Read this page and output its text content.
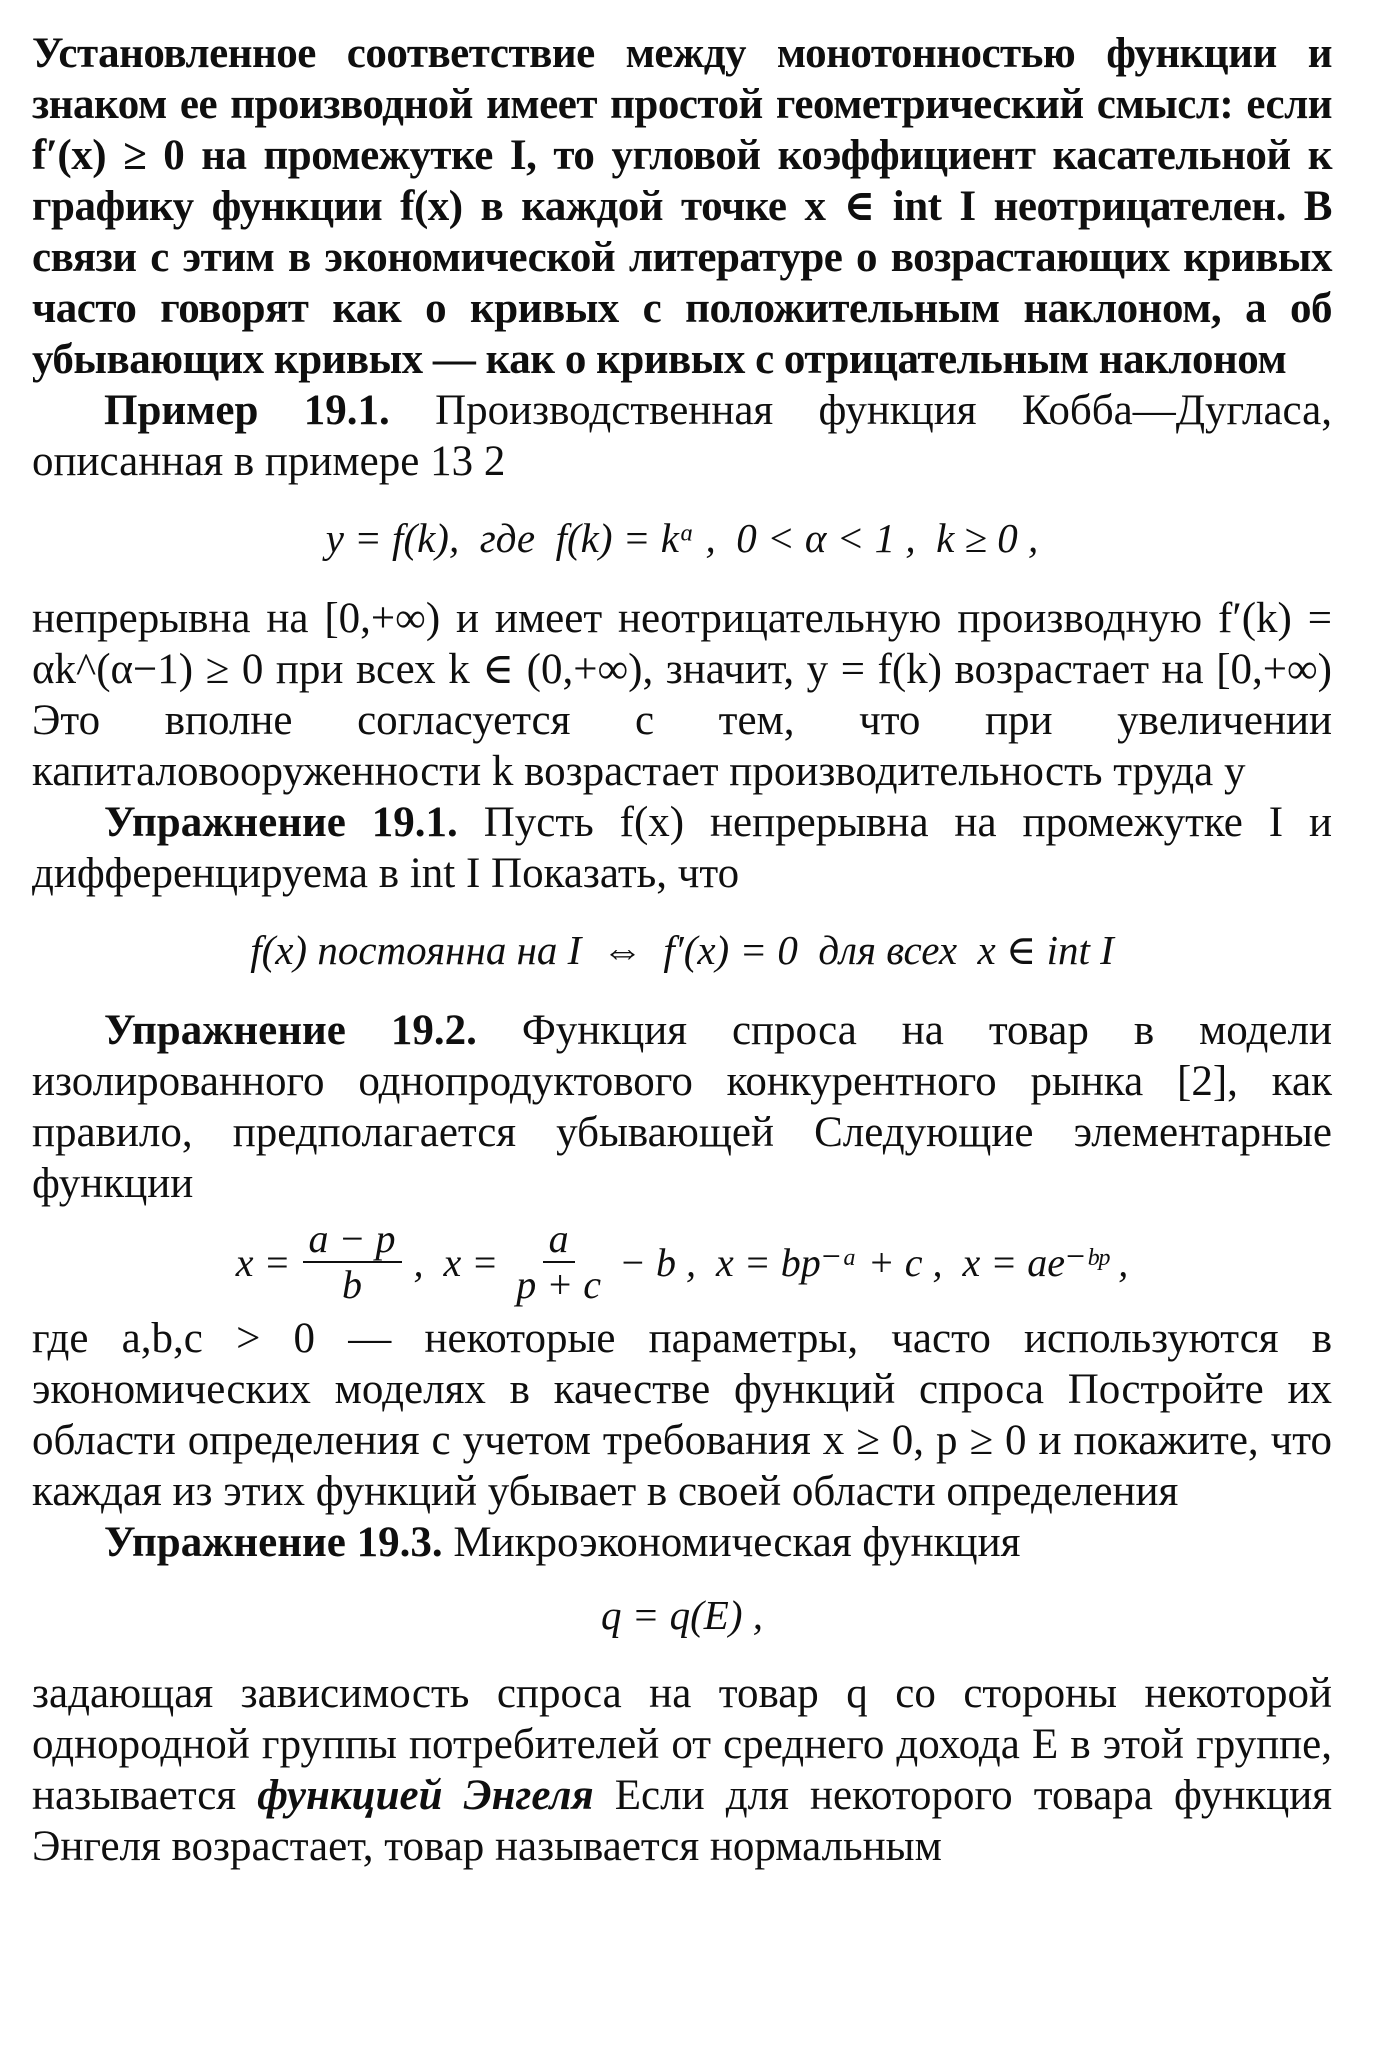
Установленное соответствие между монотонностью функции и знаком ее производной имеет простой геометрический смысл: если f′(x) ≥ 0 на промежутке I, то угловой коэффициент касательной к графику функции f(x) в каждой точке x ∈ int I неотрицателен. В связи с этим в экономической литературе о возрастающих кривых часто говорят как о кривых с положительным наклоном, а об убывающих кривых — как о кривых с отрицательным наклоном

Пример 19.1. Производственная функция Кобба—Дугласа, описанная в примере 13 2

y = f(k),  где  f(k) = kᵅ ,  0 < α < 1 ,  k ≥ 0 ,

непрерывна на [0,+∞) и имеет неотрицательную производную f′(k) = αk^(α−1) ≥ 0 при всех k ∈ (0,+∞), значит, y = f(k) возрастает на [0,+∞) Это вполне согласуется с тем, что при увеличении капиталовооруженности k возрастает производительность труда y

Упражнение 19.1. Пусть f(x) непрерывна на промежутке I и дифференцируема в int I Показать, что

f(x) постоянна на I  ⇔  f′(x) = 0  для всех  x ∈ int I

Упражнение 19.2. Функция спроса на товар в модели изолированного однопродуктового конкурентного рынка [2], как правило, предполагается убывающей Следующие элементарные функции

$x = \frac{a - p}{b}$ ,  $x = \frac{a}{p + c} - b$ ,  x = bp⁻ᵃ + c ,  x = ae⁻ᵇᵖ ,

где a,b,c > 0 — некоторые параметры, часто используются в экономических моделях в качестве функций спроса Постройте их области определения с учетом требования x ≥ 0, p ≥ 0 и покажите, что каждая из этих функций убывает в своей области определения

Упражнение 19.3. Микроэкономическая функция

q = q(E) ,

задающая зависимость спроса на товар q со стороны некоторой однородной группы потребителей от среднего дохода E в этой группе, называется функцией Энгеля Если для некоторого товара функция Энгеля возрастает, товар называется нормальным
